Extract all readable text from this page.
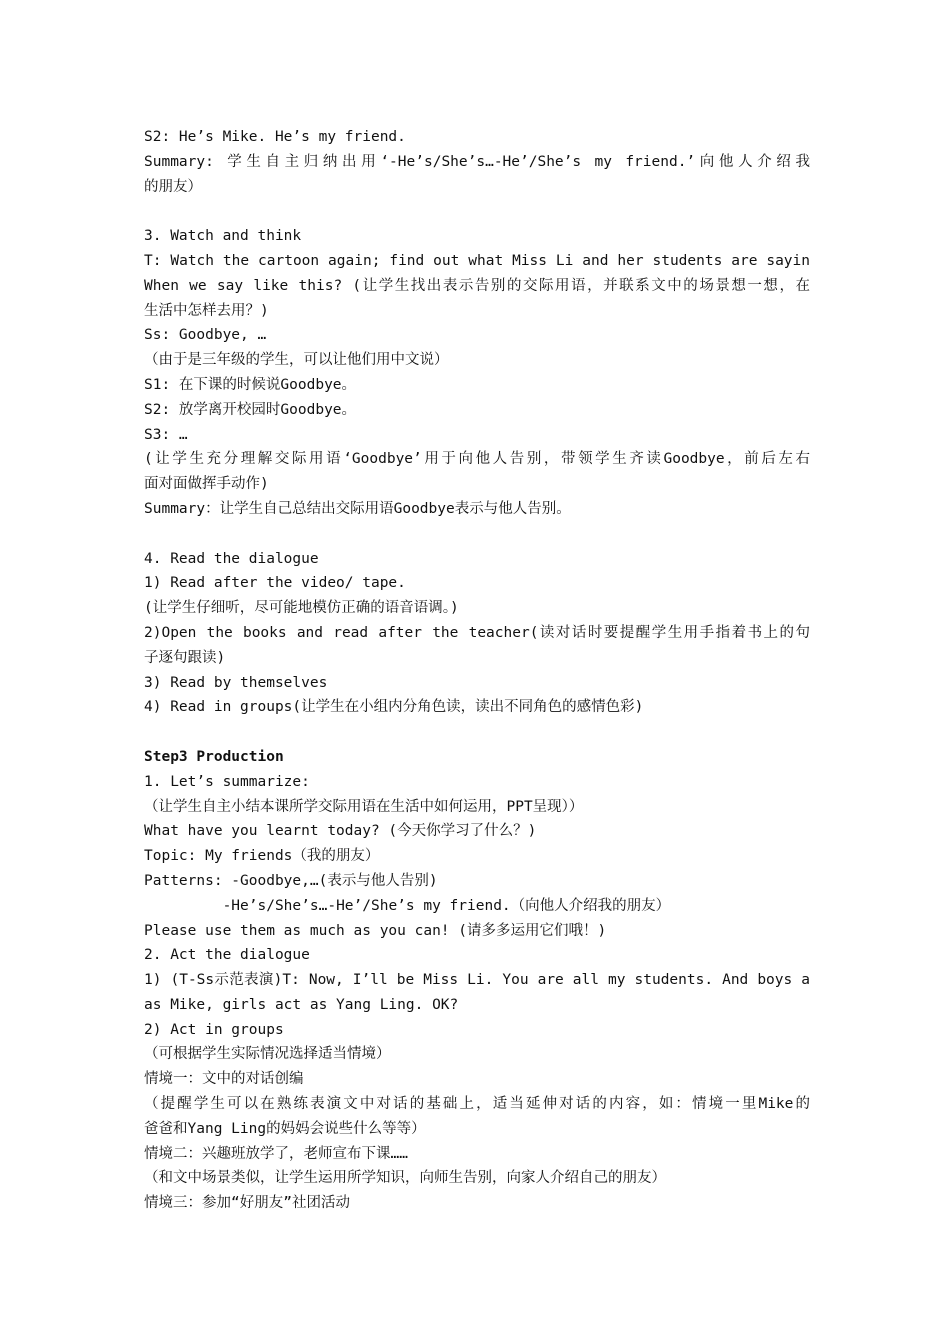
S2: He’s Mike. He’s my friend.
Summary: 学生自主归纳出用‘-He’s/She’s…-He’/She’s my friend.’向他人介绍我
的朋友）
3. Watch and think
T: Watch the cartoon again; find out what Miss Li and her students are sayin
When we say like this? (让学生找出表示告别的交际用语，并联系文中的场景想一想，在
生活中怎样去用？)
Ss: Goodbye, …
（由于是三年级的学生，可以让他们用中文说）
S1: 在下课的时候说Goodbye。
S2: 放学离开校园时Goodbye。
S3: …
(让学生充分理解交际用语‘Goodbye’用于向他人告别，带领学生齐读Goodbye，前后左右
面对面做挥手动作)
Summary：让学生自己总结出交际用语Goodbye表示与他人告别。
4. Read the dialogue
1) Read after the video/ tape.
(让学生仔细听，尽可能地模仿正确的语音语调。)
2)Open the books and read after the teacher(读对话时要提醒学生用手指着书上的句
子逐句跟读)
3) Read by themselves
4) Read in groups(让学生在小组内分角色读，读出不同角色的感情色彩)
Step3 Production
1. Let’s summarize:
（让学生自主小结本课所学交际用语在生活中如何运用，PPT呈现））
What have you learnt today? (今天你学习了什么？)
Topic: My friends（我的朋友）
Patterns: -Goodbye,…(表示与他人告别)
-He’s/She’s…-He’/She’s my friend.（向他人介绍我的朋友）
Please use them as much as you can! (请多多运用它们哦！)
2. Act the dialogue
1) (T-Ss示范表演)T: Now, I’ll be Miss Li. You are all my students. And boys a
as Mike, girls act as Yang Ling. OK?
2) Act in groups
（可根据学生实际情况选择适当情境）
情境一：文中的对话创编
（提醒学生可以在熟练表演文中对话的基础上，适当延伸对话的内容，如：情境一里Mike的
爸爸和Yang Ling的妈妈会说些什么等等）
情境二：兴趣班放学了，老师宣布下课……
（和文中场景类似，让学生运用所学知识，向师生告别，向家人介绍自己的朋友）
情境三：参加“好朋友”社团活动
